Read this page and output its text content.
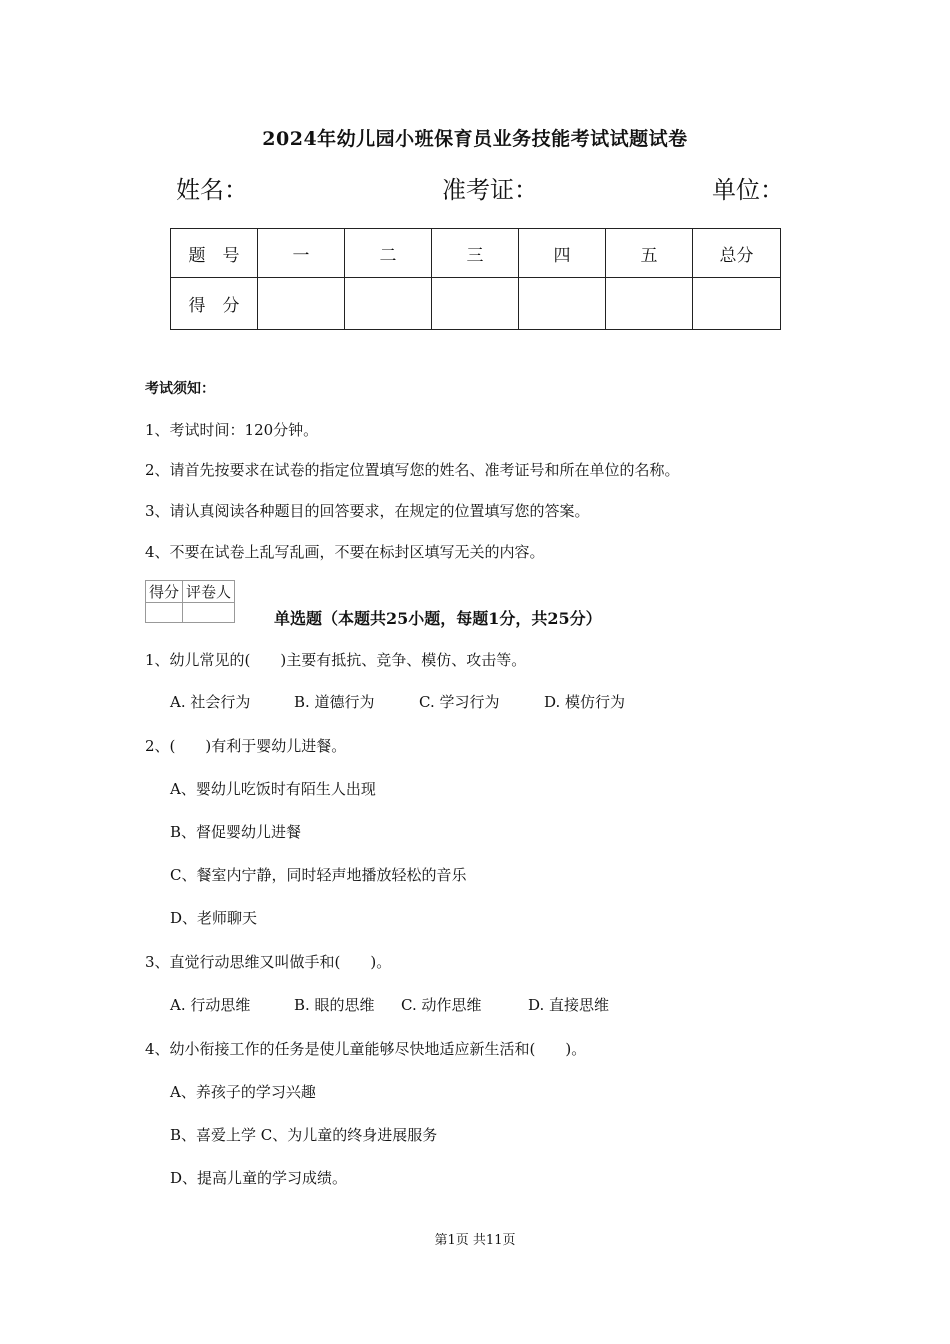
2024年幼儿园小班保育员业务技能考试试题试卷
姓名：	准考证：	单位：
题　号	一	二	三	四	五	总分
得　分						
考试须知：
1、考试时间：120分钟。
2、请首先按要求在试卷的指定位置填写您的姓名、准考证号和所在单位的名称。
3、请认真阅读各种题目的回答要求，在规定的位置填写您的答案。
4、不要在试卷上乱写乱画，不要在标封区填写无关的内容。
得分	评卷人

单选题（本题共25小题，每题1分，共25分）
1、幼儿常见的(　　)主要有抵抗、竞争、模仿、攻击等。
A. 社会行为	B. 道德行为	C. 学习行为	D. 模仿行为
2、(　　)有利于婴幼儿进餐。
A、婴幼儿吃饭时有陌生人出现
B、督促婴幼儿进餐
C、餐室内宁静，同时轻声地播放轻松的音乐
D、老师聊天
3、直觉行动思维又叫做手和(　　)。
A. 行动思维	B. 眼的思维 C. 动作思维	D. 直接思维
4、幼小衔接工作的任务是使儿童能够尽快地适应新生活和(　　)。
A、养孩子的学习兴趣
B、喜爱上学 C、为儿童的终身进展服务
D、提高儿童的学习成绩。
第1页 共11页
